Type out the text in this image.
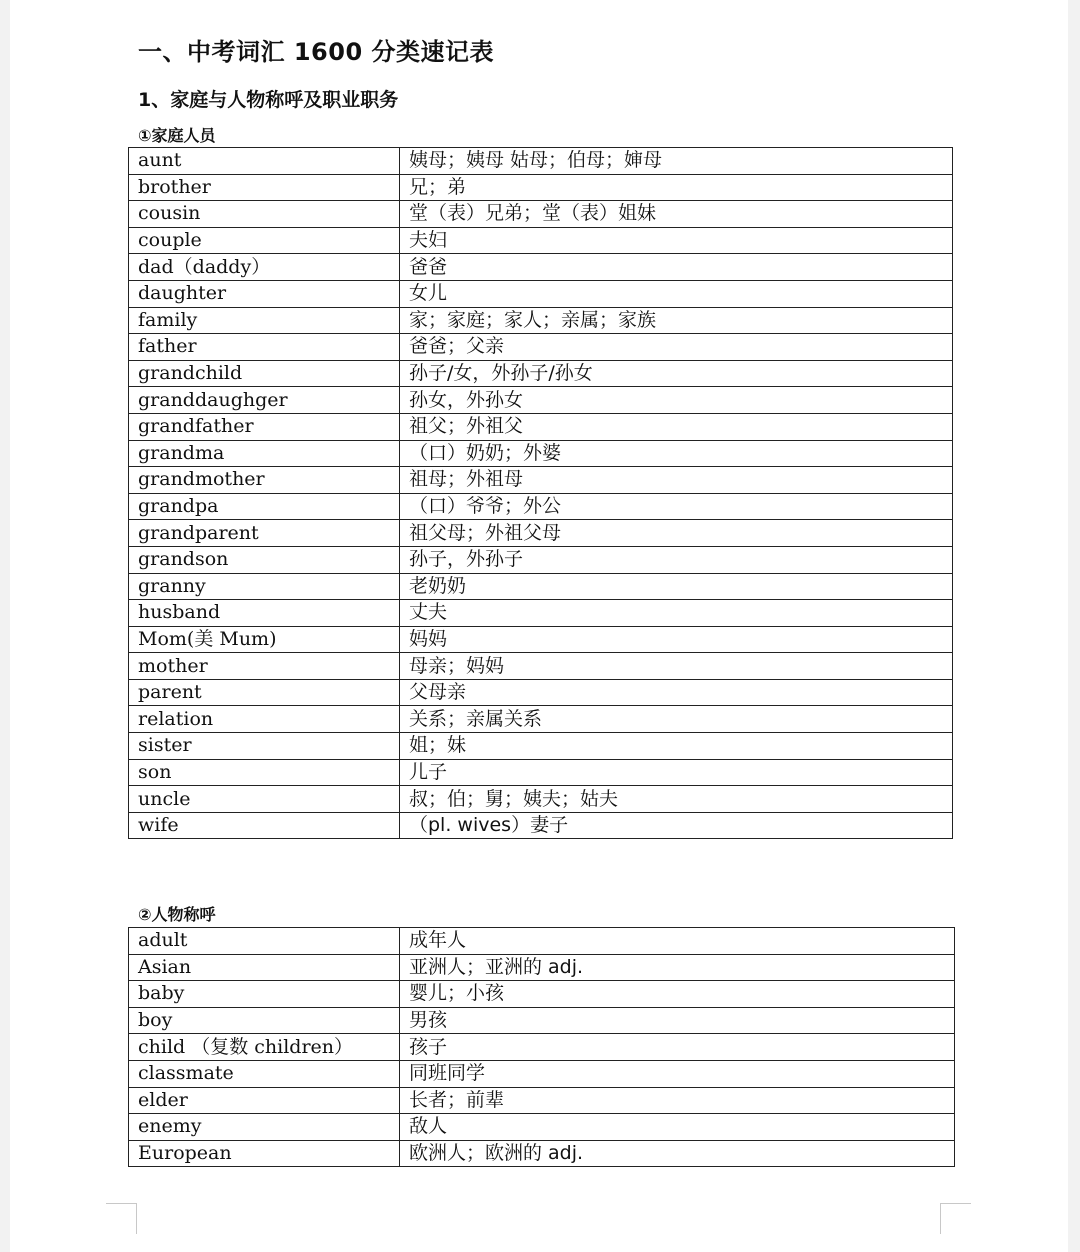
一、中考词汇 1600 分类速记表
1、家庭与人物称呼及职业职务
①家庭人员
aunt	姨母；姨母 姑母；伯母；婶母
brother	兄；弟
cousin	堂（表）兄弟；堂（表）姐妹
couple	夫妇
dad（daddy）	爸爸
daughter	女儿
family	家；家庭；家人；亲属；家族
father	爸爸；父亲
grandchild	孙子/女，外孙子/孙女
granddaughger	孙女，外孙女
grandfather	祖父；外祖父
grandma	（口）奶奶；外婆
grandmother	祖母；外祖母
grandpa	（口）爷爷；外公
grandparent	祖父母；外祖父母
grandson	孙子，外孙子
granny	老奶奶
husband	丈夫
Mom(美 Mum)	妈妈
mother	母亲；妈妈
parent	父母亲
relation	关系；亲属关系
sister	姐；妹
son	儿子
uncle	叔；伯；舅；姨夫；姑夫
wife	（pl. wives）妻子
②人物称呼
adult	成年人
Asian	亚洲人；亚洲的 adj.
baby	婴儿；小孩
boy	男孩
child （复数 children）	孩子
classmate	同班同学
elder	长者；前辈
enemy	敌人
European	欧洲人；欧洲的 adj.
